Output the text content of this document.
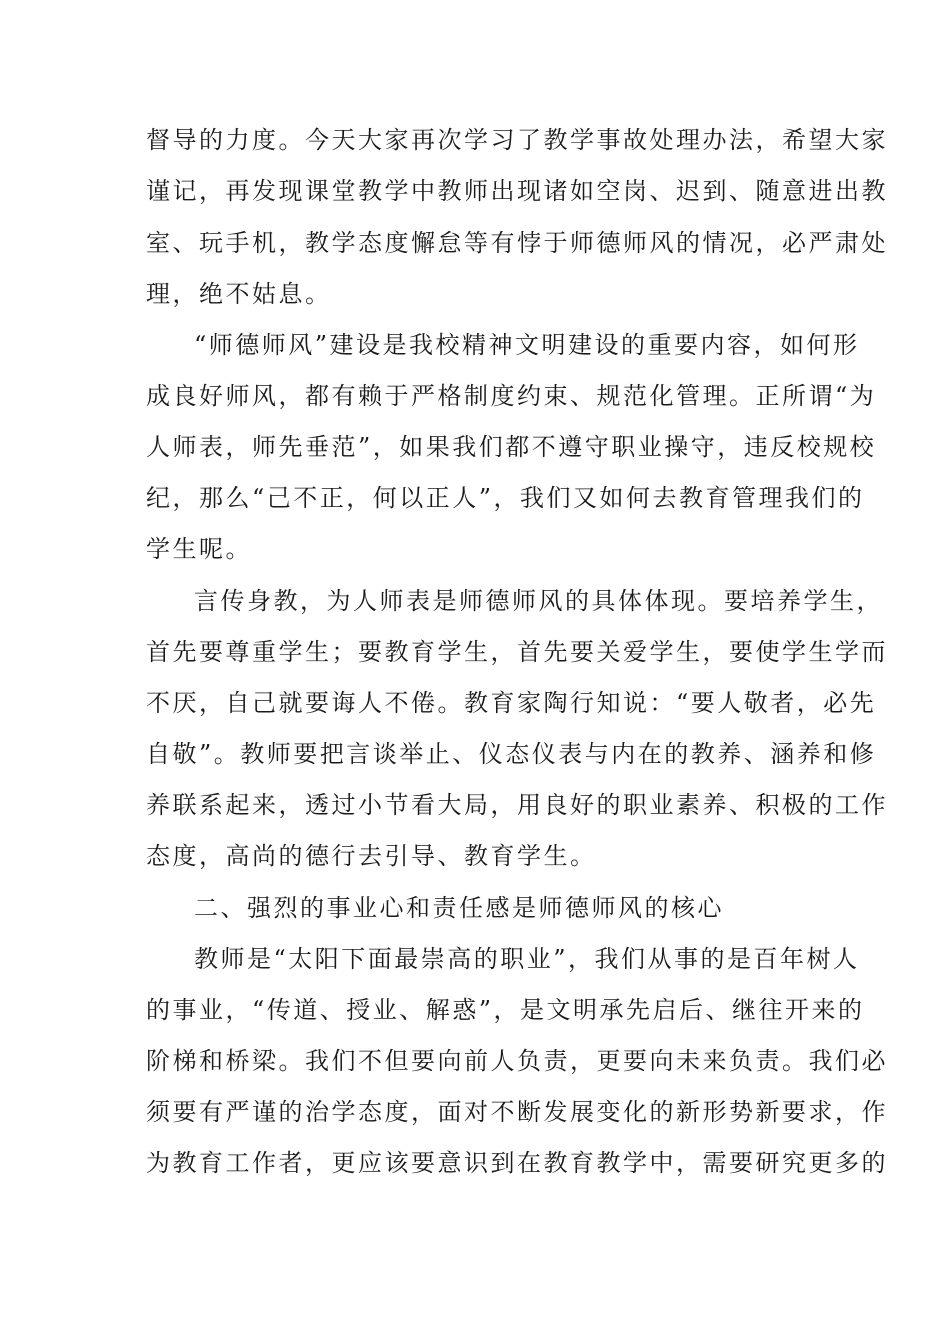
督导的力度。今天大家再次学习了教学事故处理办法，希望大家
谨记，再发现课堂教学中教师出现诸如空岗、迟到、随意进出教
室、玩手机，教学态度懈怠等有悖于师德师风的情况，必严肃处
理，绝不姑息。
“师德师风”建设是我校精神文明建设的重要内容，如何形
成良好师风，都有赖于严格制度约束、规范化管理。正所谓“为
人师表，师先垂范”，如果我们都不遵守职业操守，违反校规校
纪，那么“己不正，何以正人”，我们又如何去教育管理我们的
学生呢。
言传身教，为人师表是师德师风的具体体现。要培养学生，
首先要尊重学生；要教育学生，首先要关爱学生，要使学生学而
不厌，自己就要诲人不倦。教育家陶行知说：“要人敬者，必先
自敬”。教师要把言谈举止、仪态仪表与内在的教养、涵养和修
养联系起来，透过小节看大局，用良好的职业素养、积极的工作
态度，高尚的德行去引导、教育学生。
二、强烈的事业心和责任感是师德师风的核心
教师是“太阳下面最崇高的职业”，我们从事的是百年树人
的事业，“传道、授业、解惑”，是文明承先启后、继往开来的
阶梯和桥梁。我们不但要向前人负责，更要向未来负责。我们必
须要有严谨的治学态度，面对不断发展变化的新形势新要求，作
为教育工作者，更应该要意识到在教育教学中，需要研究更多的
